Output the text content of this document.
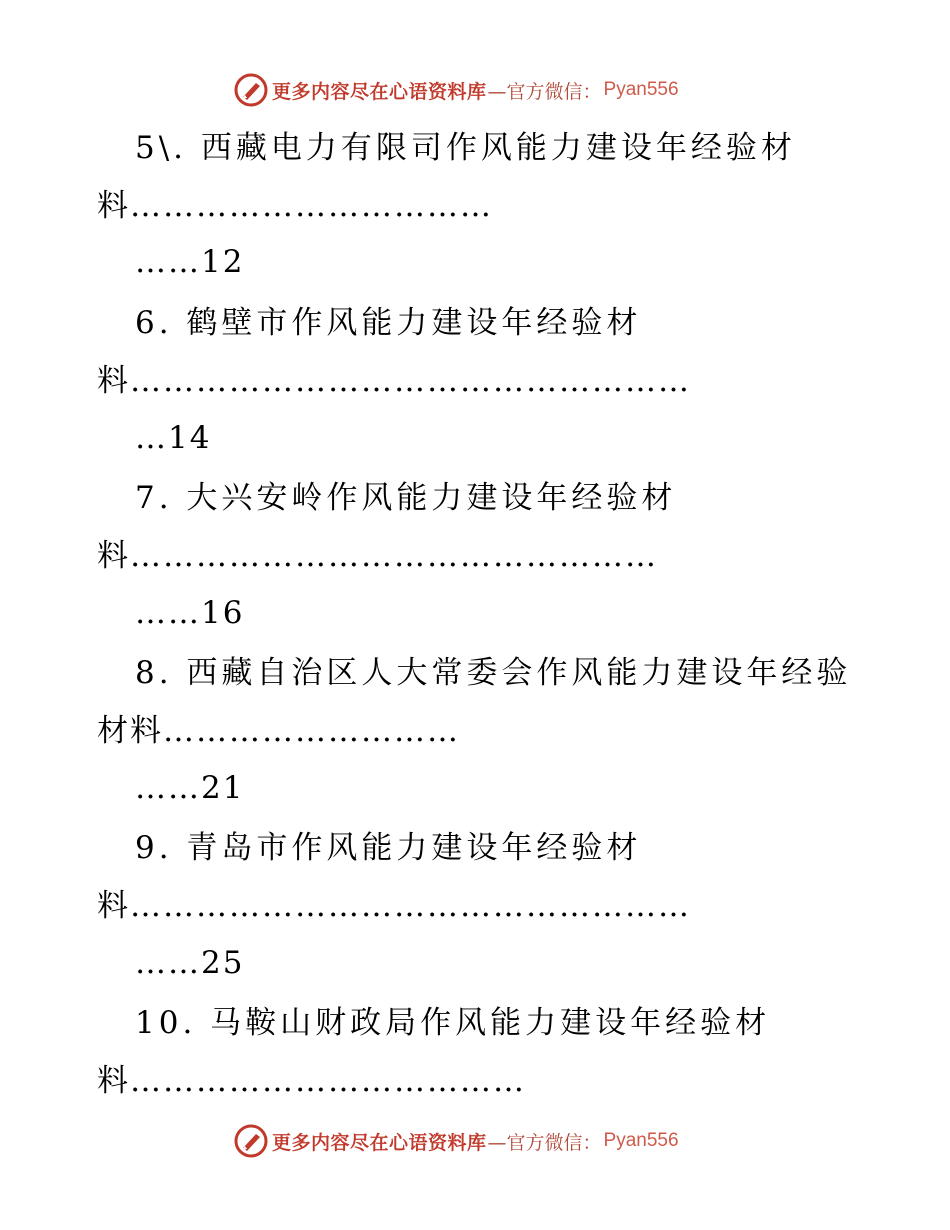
更多内容尽在心语资料库 —官方微信： Pyan556
5\. 西藏电力有限司作风能力建设年经验材
料……………………………
……12
6. 鹤壁市作风能力建设年经验材
料……………………………………………
…14
7. 大兴安岭作风能力建设年经验材
料…………………………………………
……16
8. 西藏自治区人大常委会作风能力建设年经验
材料………………………
……21
9. 青岛市作风能力建设年经验材
料……………………………………………
……25
10. 马鞍山财政局作风能力建设年经验材
料………………………………
更多内容尽在心语资料库 —官方微信： Pyan556
